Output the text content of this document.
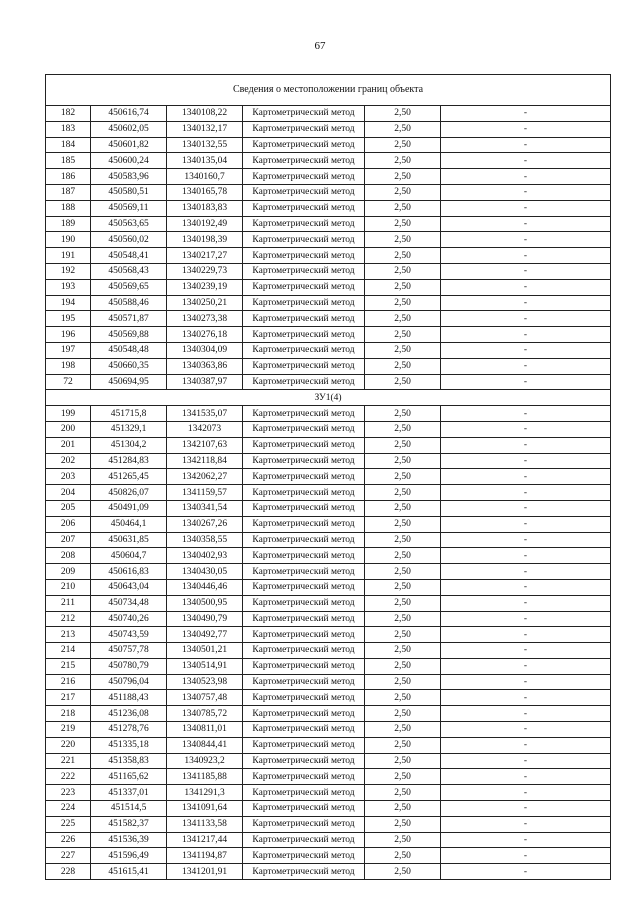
67
Сведения о местоположении границ объекта					
182	450616,74	1340108,22	Картометрический метод	2,50	-
183	450602,05	1340132,17	Картометрический метод	2,50	-
184	450601,82	1340132,55	Картометрический метод	2,50	-
185	450600,24	1340135,04	Картометрический метод	2,50	-
186	450583,96	1340160,7	Картометрический метод	2,50	-
187	450580,51	1340165,78	Картометрический метод	2,50	-
188	450569,11	1340183,83	Картометрический метод	2,50	-
189	450563,65	1340192,49	Картометрический метод	2,50	-
190	450560,02	1340198,39	Картометрический метод	2,50	-
191	450548,41	1340217,27	Картометрический метод	2,50	-
192	450568,43	1340229,73	Картометрический метод	2,50	-
193	450569,65	1340239,19	Картометрический метод	2,50	-
194	450588,46	1340250,21	Картометрический метод	2,50	-
195	450571,87	1340273,38	Картометрический метод	2,50	-
196	450569,88	1340276,18	Картометрический метод	2,50	-
197	450548,48	1340304,09	Картометрический метод	2,50	-
198	450660,35	1340363,86	Картометрический метод	2,50	-
72	450694,95	1340387,97	Картометрический метод	2,50	-
ЗУ1(4)					
199	451715,8	1341535,07	Картометрический метод	2,50	-
200	451329,1	1342073	Картометрический метод	2,50	-
201	451304,2	1342107,63	Картометрический метод	2,50	-
202	451284,83	1342118,84	Картометрический метод	2,50	-
203	451265,45	1342062,27	Картометрический метод	2,50	-
204	450826,07	1341159,57	Картометрический метод	2,50	-
205	450491,09	1340341,54	Картометрический метод	2,50	-
206	450464,1	1340267,26	Картометрический метод	2,50	-
207	450631,85	1340358,55	Картометрический метод	2,50	-
208	450604,7	1340402,93	Картометрический метод	2,50	-
209	450616,83	1340430,05	Картометрический метод	2,50	-
210	450643,04	1340446,46	Картометрический метод	2,50	-
211	450734,48	1340500,95	Картометрический метод	2,50	-
212	450740,26	1340490,79	Картометрический метод	2,50	-
213	450743,59	1340492,77	Картометрический метод	2,50	-
214	450757,78	1340501,21	Картометрический метод	2,50	-
215	450780,79	1340514,91	Картометрический метод	2,50	-
216	450796,04	1340523,98	Картометрический метод	2,50	-
217	451188,43	1340757,48	Картометрический метод	2,50	-
218	451236,08	1340785,72	Картометрический метод	2,50	-
219	451278,76	1340811,01	Картометрический метод	2,50	-
220	451335,18	1340844,41	Картометрический метод	2,50	-
221	451358,83	1340923,2	Картометрический метод	2,50	-
222	451165,62	1341185,88	Картометрический метод	2,50	-
223	451337,01	1341291,3	Картометрический метод	2,50	-
224	451514,5	1341091,64	Картометрический метод	2,50	-
225	451582,37	1341133,58	Картометрический метод	2,50	-
226	451536,39	1341217,44	Картометрический метод	2,50	-
227	451596,49	1341194,87	Картометрический метод	2,50	-
228	451615,41	1341201,91	Картометрический метод	2,50	-
